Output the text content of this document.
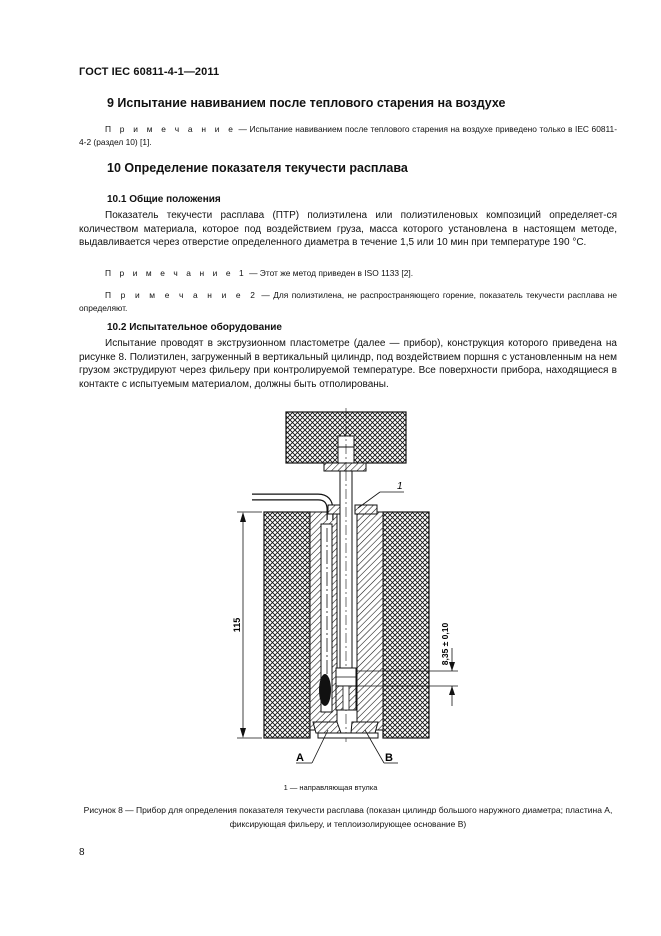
ГОСТ IEC 60811-4-1—2011
9 Испытание навиванием после теплового старения на воздухе

П р и м е ч а н и е — Испытание навиванием после теплового старения на воздухе приведено только в IEC 60811-4-2 (раздел 10) [1].

10 Определение показателя текучести расплава
10.1 Общие положения

Показатель текучести расплава (ПТР) полиэтилена или полиэтиленовых композиций определяет-ся количеством материала, которое под воздействием груза, масса которого установлена в настоящем методе, выдавливается через отверстие определенного диаметра в течение 1,5 или 10 мин при температуре 190 °С.

П р и м е ч а н и е 1 — Этот же метод приведен в ISO 1133 [2].

П р и м е ч а н и е 2 — Для полиэтилена, не распространяющего горение, показатель текучести расплава не определяют.

10.2 Испытательное оборудование

Испытание проводят в экструзионном пластометре (далее — прибор), конструкция которого приведена на рисунке 8. Полиэтилен, загруженный в вертикальный цилиндр, под воздействием поршня с установленным на нем грузом экструдируют через фильеру при контролируемой температуре. Все поверхности прибора, находящиеся в контакте с испытуемым материалом, должны быть отполированы.

115	8,35 ± 0,10
1
А	В
1 — направляющая втулка
Рисунок 8 — Прибор для определения показателя текучести расплава (показан цилиндр большого наружного диаметра; пластина А, фиксирующая фильеру, и теплоизолирующее основание В)
8
